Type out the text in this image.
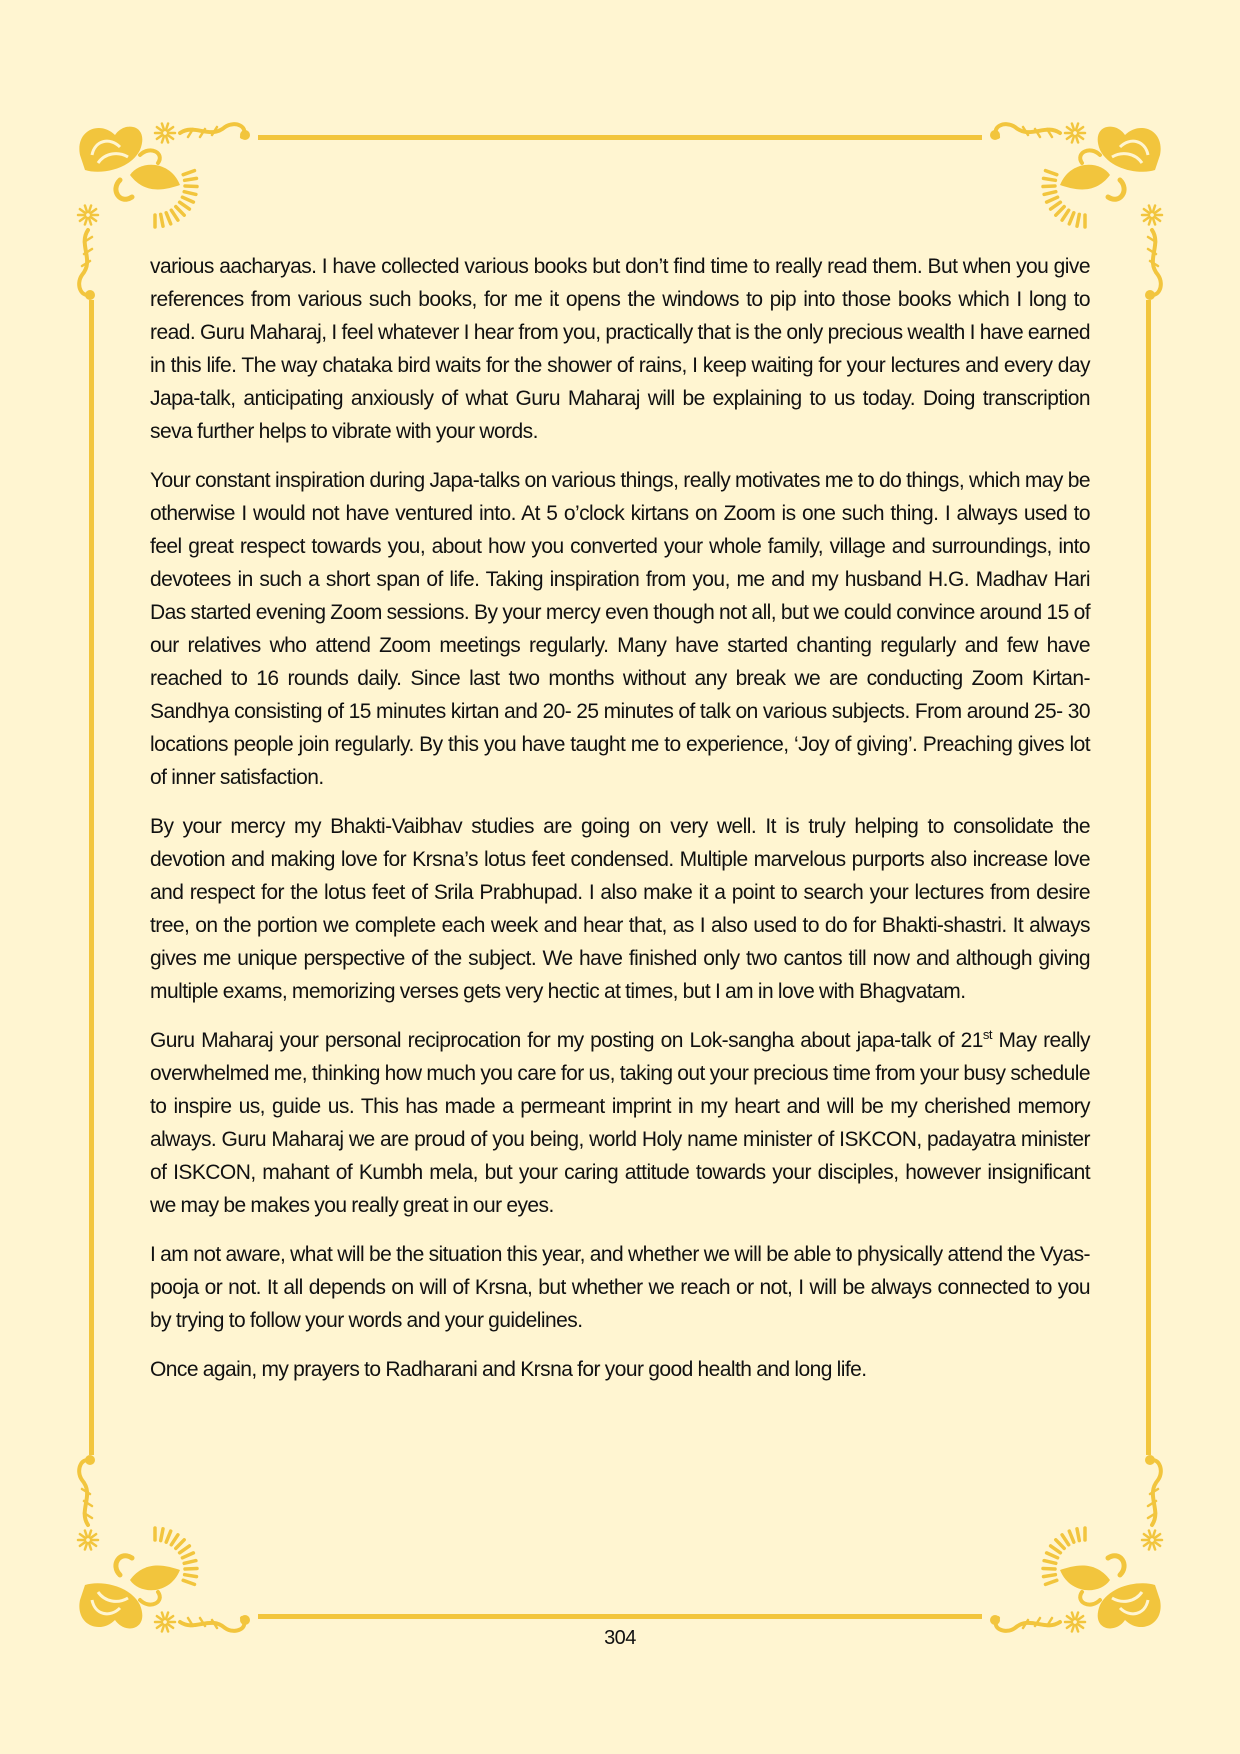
various aacharyas. I have collected various books but don’t find time to really read them. But when you give references from various such books, for me it opens the windows to pip into those books which I long to read. Guru Maharaj, I feel whatever I hear from you, practically that is the only precious wealth I have earned in this life. The way chataka bird waits for the shower of rains, I keep waiting for your lectures and every day Japa-talk, anticipating anxiously of what Guru Maharaj will be explaining to us today. Doing transcription seva further helps to vibrate with your words.

Your constant inspiration during Japa-talks on various things, really motivates me to do things, which may be otherwise I would not have ventured into. At 5 o’clock kirtans on Zoom is one such thing. I always used to feel great respect towards you, about how you converted your whole family, village and surroundings, into devotees in such a short span of life. Taking inspiration from you, me and my husband H.G. Madhav Hari Das started evening Zoom sessions. By your mercy even though not all, but we could convince around 15 of our relatives who attend Zoom meetings regularly. Many have started chanting regularly and few have reached to 16 rounds daily. Since last two months without any break we are conducting Zoom Kirtan-Sandhya consisting of 15 minutes kirtan and 20- 25 minutes of talk on various subjects. From around 25- 30 locations people join regularly. By this you have taught me to experience, ‘Joy of giving’. Preaching gives lot of inner satisfaction.

By your mercy my Bhakti-Vaibhav studies are going on very well. It is truly helping to consolidate the devotion and making love for Krsna’s lotus feet condensed. Multiple marvelous purports also increase love and respect for the lotus feet of Srila Prabhupad. I also make it a point to search your lectures from desire tree, on the portion we complete each week and hear that, as I also used to do for Bhakti-shastri. It always gives me unique perspective of the subject. We have finished only two cantos till now and although giving multiple exams, memorizing verses gets very hectic at times, but I am in love with Bhagvatam.

Guru Maharaj your personal reciprocation for my posting on Lok-sangha about japa-talk of 21st May really overwhelmed me, thinking how much you care for us, taking out your precious time from your busy schedule to inspire us, guide us. This has made a permeant imprint in my heart and will be my cherished memory always. Guru Maharaj we are proud of you being, world Holy name minister of ISKCON, padayatra minister of ISKCON, mahant of Kumbh mela, but your caring attitude towards your disciples, however insignificant we may be makes you really great in our eyes.

I am not aware, what will be the situation this year, and whether we will be able to physically attend the Vyas-pooja or not. It all depends on will of Krsna, but whether we reach or not, I will be always connected to you by trying to follow your words and your guidelines.

Once again, my prayers to Radharani and Krsna for your good health and long life.

304
